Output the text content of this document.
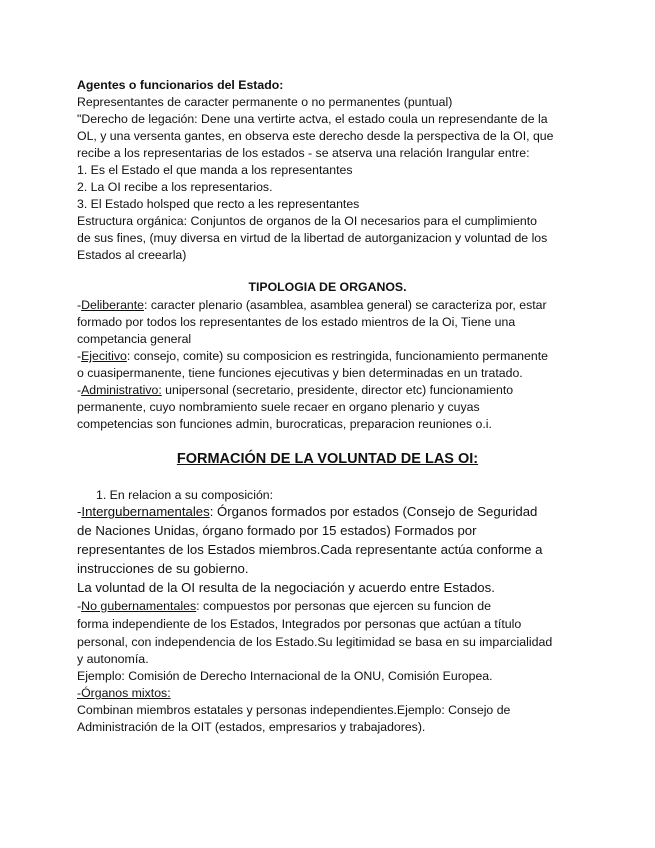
Agentes o funcionarios del Estado:
Representantes de caracter permanente o no permanentes (puntual)
"Derecho de legación: Dene una vertirte actva, el estado coula un represendante de la
OL, y una versenta gantes, en observa este derecho desde la perspectiva de la OI, que
recibe a los representarias de los estados - se atserva una relación Irangular entre:
1. Es el Estado el que manda a los representantes
2. La OI recibe a los representarios.
3. El Estado holsped que recto a les representantes
Estructura orgánica: Conjuntos de organos de la OI necesarios para el cumplimiento
de sus fines, (muy diversa en virtud de la libertad de autorganizacion y voluntad de los
Estados al creearla)
TIPOLOGIA DE ORGANOS.
-Deliberante: caracter plenario (asamblea, asamblea general) se caracteriza por, estar
formado por todos los representantes de los estado mientros de la Oi, Tiene una
competancia general
-Ejecitivo: consejo, comite) su composicion es restringida, funcionamiento permanente
o cuasipermanente, tiene funciones ejecutivas y bien determinadas en un tratado.
-Administrativo: unipersonal (secretario, presidente, director etc) funcionamiento
permanente, cuyo nombramiento suele recaer en organo plenario y cuyas
competencias son funciones admin, burocraticas, preparacion reuniones o.i.
FORMACIÓN DE LA VOLUNTAD DE LAS OI:
1. En relacion a su composición:
-Intergubernamentales: Órganos formados por estados (Consejo de Seguridad
de Naciones Unidas, órgano formado por 15 estados) Formados por
representantes de los Estados miembros.Cada representante actúa conforme a
instrucciones de su gobierno.
La voluntad de la OI resulta de la negociación y acuerdo entre Estados.
-No gubernamentales: compuestos por personas que ejercen su funcion de
forma independiente de los Estados, Integrados por personas que actúan a título
personal, con independencia de los Estado.Su legitimidad se basa en su imparcialidad
y autonomía.
Ejemplo: Comisión de Derecho Internacional de la ONU, Comisión Europea.
-Órganos mixtos:
Combinan miembros estatales y personas independientes.Ejemplo: Consejo de
Administración de la OIT (estados, empresarios y trabajadores).
